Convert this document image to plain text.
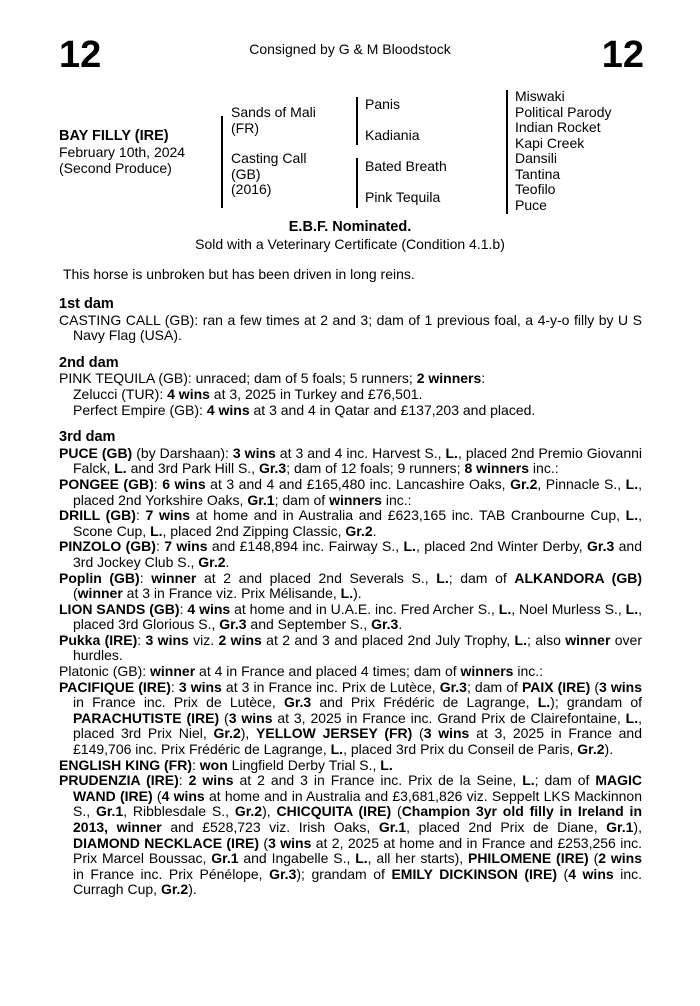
12	12
Consigned by G & M Bloodstock
BAY FILLY (IRE)
February 10th, 2024
(Second Produce)
Sands of Mali
(FR)
Casting Call
(GB)
(2016)
Panis
Kadiania
Bated Breath
Pink Tequila
Miswaki
Political Parody
Indian Rocket
Kapi Creek
Dansili
Tantina
Teofilo
Puce
E.B.F. Nominated.
Sold with a Veterinary Certificate (Condition 4.1.b)
This horse is unbroken but has been driven in long reins.

1st dam

CASTING CALL (GB): ran a few times at 2 and 3; dam of 1 previous foal, a 4-y-o filly by U S Navy Flag (USA).

2nd dam

PINK TEQUILA (GB): unraced; dam of 5 foals; 5 runners; 2 winners:

Zelucci (TUR): 4 wins at 3, 2025 in Turkey and £76,501.

Perfect Empire (GB): 4 wins at 3 and 4 in Qatar and £137,203 and placed.

3rd dam

PUCE (GB) (by Darshaan): 3 wins at 3 and 4 inc. Harvest S., L., placed 2nd Premio Giovanni Falck, L. and 3rd Park Hill S., Gr.3; dam of 12 foals; 9 runners; 8 winners inc.:

PONGEE (GB): 6 wins at 3 and 4 and £165,480 inc. Lancashire Oaks, Gr.2, Pinnacle S., L., placed 2nd Yorkshire Oaks, Gr.1; dam of winners inc.:

DRILL (GB): 7 wins at home and in Australia and £623,165 inc. TAB Cranbourne Cup, L., Scone Cup, L., placed 2nd Zipping Classic, Gr.2.

PINZOLO (GB): 7 wins and £148,894 inc. Fairway S., L., placed 2nd Winter Derby, Gr.3 and 3rd Jockey Club S., Gr.2.

Poplin (GB): winner at 2 and placed 2nd Severals S., L.; dam of ALKANDORA (GB) (winner at 3 in France viz. Prix Mélisande, L.).

LION SANDS (GB): 4 wins at home and in U.A.E. inc. Fred Archer S., L., Noel Murless S., L., placed 3rd Glorious S., Gr.3 and September S., Gr.3.

Pukka (IRE): 3 wins viz. 2 wins at 2 and 3 and placed 2nd July Trophy, L.; also winner over hurdles.

Platonic (GB): winner at 4 in France and placed 4 times; dam of winners inc.:

PACIFIQUE (IRE): 3 wins at 3 in France inc. Prix de Lutèce, Gr.3; dam of PAIX (IRE) (3 wins in France inc. Prix de Lutèce, Gr.3 and Prix Frédéric de Lagrange, L.); grandam of PARACHUTISTE (IRE) (3 wins at 3, 2025 in France inc. Grand Prix de Clairefontaine, L., placed 3rd Prix Niel, Gr.2), YELLOW JERSEY (FR) (3 wins at 3, 2025 in France and £149,706 inc. Prix Frédéric de Lagrange, L., placed 3rd Prix du Conseil de Paris, Gr.2).

ENGLISH KING (FR): won Lingfield Derby Trial S., L.

PRUDENZIA (IRE): 2 wins at 2 and 3 in France inc. Prix de la Seine, L.; dam of MAGIC WAND (IRE) (4 wins at home and in Australia and £3,681,826 viz. Seppelt LKS Mackinnon S., Gr.1, Ribblesdale S., Gr.2), CHICQUITA (IRE) (Champion 3yr old filly in Ireland in 2013, winner and £528,723 viz. Irish Oaks, Gr.1, placed 2nd Prix de Diane, Gr.1), DIAMOND NECKLACE (IRE) (3 wins at 2, 2025 at home and in France and £253,256 inc. Prix Marcel Boussac, Gr.1 and Ingabelle S., L., all her starts), PHILOMENE (IRE) (2 wins in France inc. Prix Pénélope, Gr.3); grandam of EMILY DICKINSON (IRE) (4 wins inc. Curragh Cup, Gr.2).
